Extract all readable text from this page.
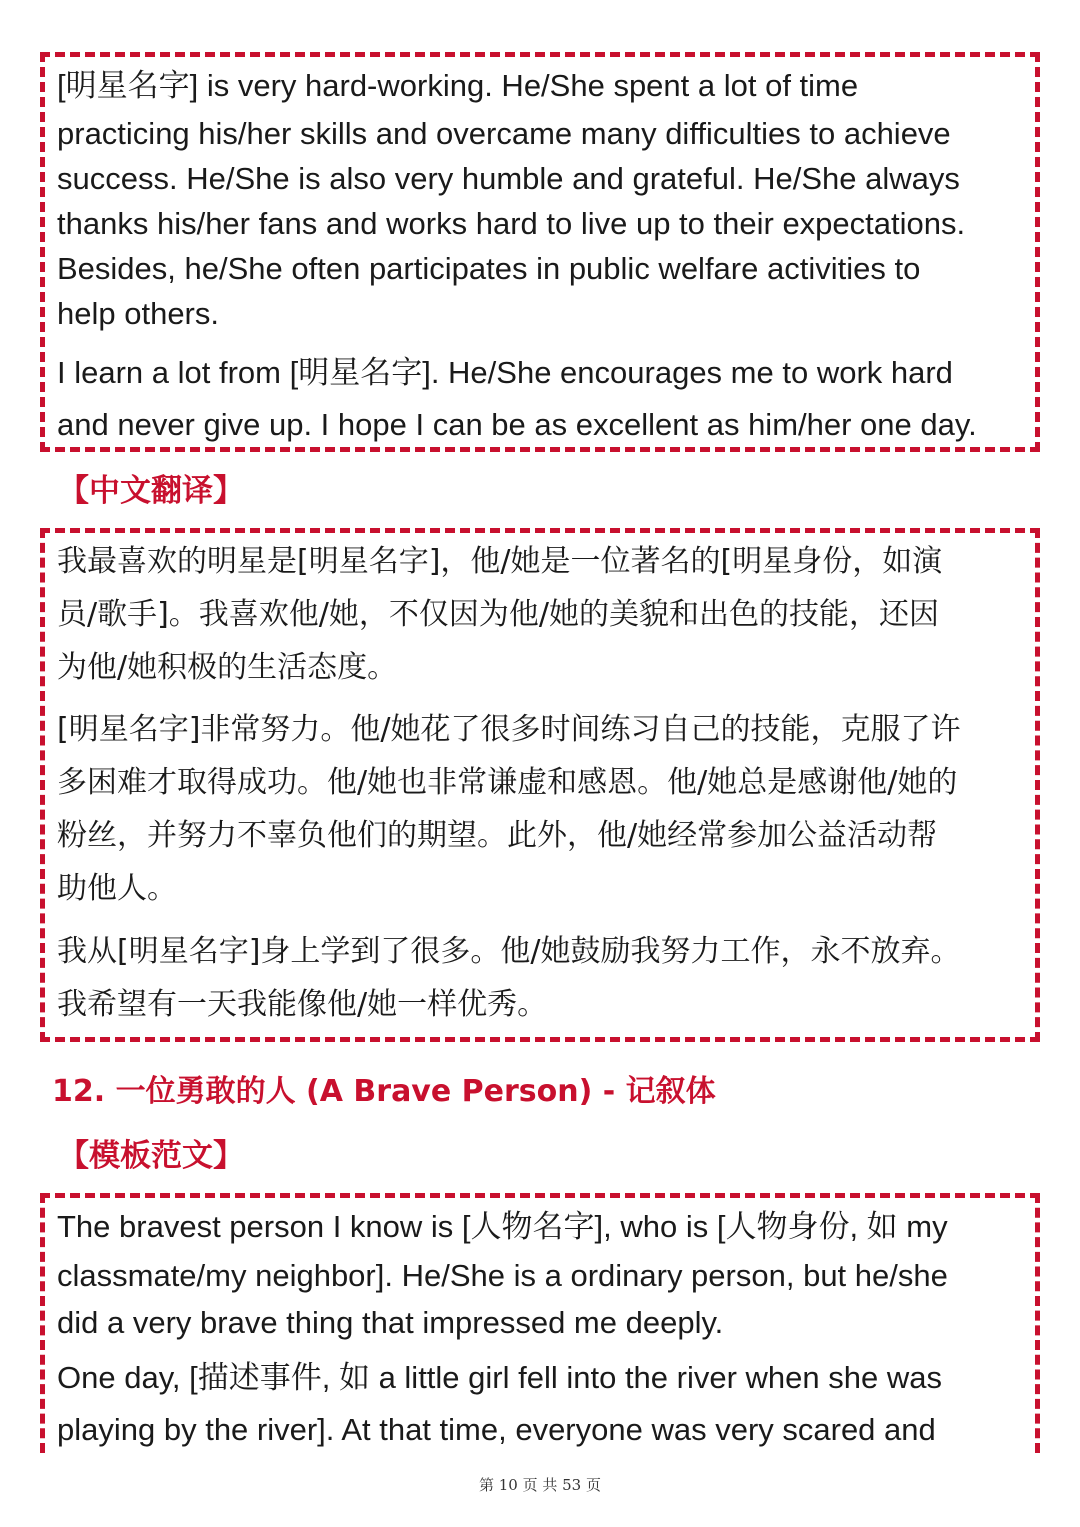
[明星名字] is very hard-working. He/She spent a lot of time
practicing his/her skills and overcame many difficulties to achieve
success. He/She is also very humble and grateful. He/She always
thanks his/her fans and works hard to live up to their expectations.
Besides, he/She often participates in public welfare activities to
help others.
I learn a lot from [明星名字]. He/She encourages me to work hard
and never give up. I hope I can be as excellent as him/her one day.
【中文翻译】
我最喜欢的明星是[明星名字]，他/她是一位著名的[明星身份，如演
员/歌手]。我喜欢他/她，不仅因为他/她的美貌和出色的技能，还因
为他/她积极的生活态度。
[明星名字]非常努力。他/她花了很多时间练习自己的技能，克服了许
多困难才取得成功。他/她也非常谦虚和感恩。他/她总是感谢他/她的
粉丝，并努力不辜负他们的期望。此外，他/她经常参加公益活动帮
助他人。
我从[明星名字]身上学到了很多。他/她鼓励我努力工作，永不放弃。
我希望有一天我能像他/她一样优秀。
12. 一位勇敢的人 (A Brave Person) - 记叙体
【模板范文】
The bravest person I know is [人物名字], who is [人物身份, 如 my
classmate/my neighbor]. He/She is a ordinary person, but he/she
did a very brave thing that impressed me deeply.
One day, [描述事件, 如 a little girl fell into the river when she was
playing by the river]. At that time, everyone was very scared and
第 10 页 共 53 页
